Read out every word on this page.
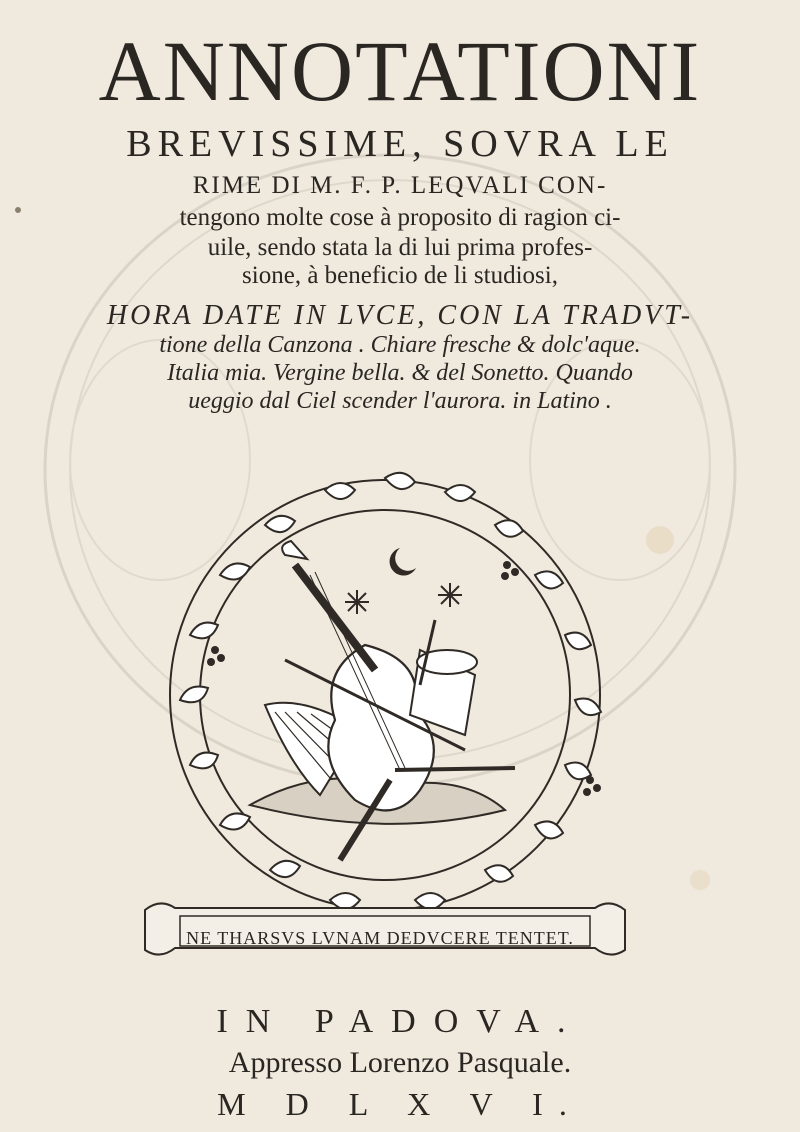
ANNOTATIONI
BREVISSIME, SOVRA LE
RIME DI M. F. P. LEQVALI CON-
tengono molte cose à proposito di ragion ci-
uile, sendo stata la di lui prima profes-
sione, à beneficio de li studiosi,
HORA DATE IN LVCE, CON LA TRADVT-
tione della Canzona . Chiare fresche & dolc'aque.
Italia mia. Vergine bella. & del Sonetto. Quando
ueggio dal Ciel scender l'aurora. in Latino .
NE THARSVS LVNAM DEDVCERE TENTET.
IN PADOVA.
Appresso Lorenzo Pasquale.
M D L X V I.
